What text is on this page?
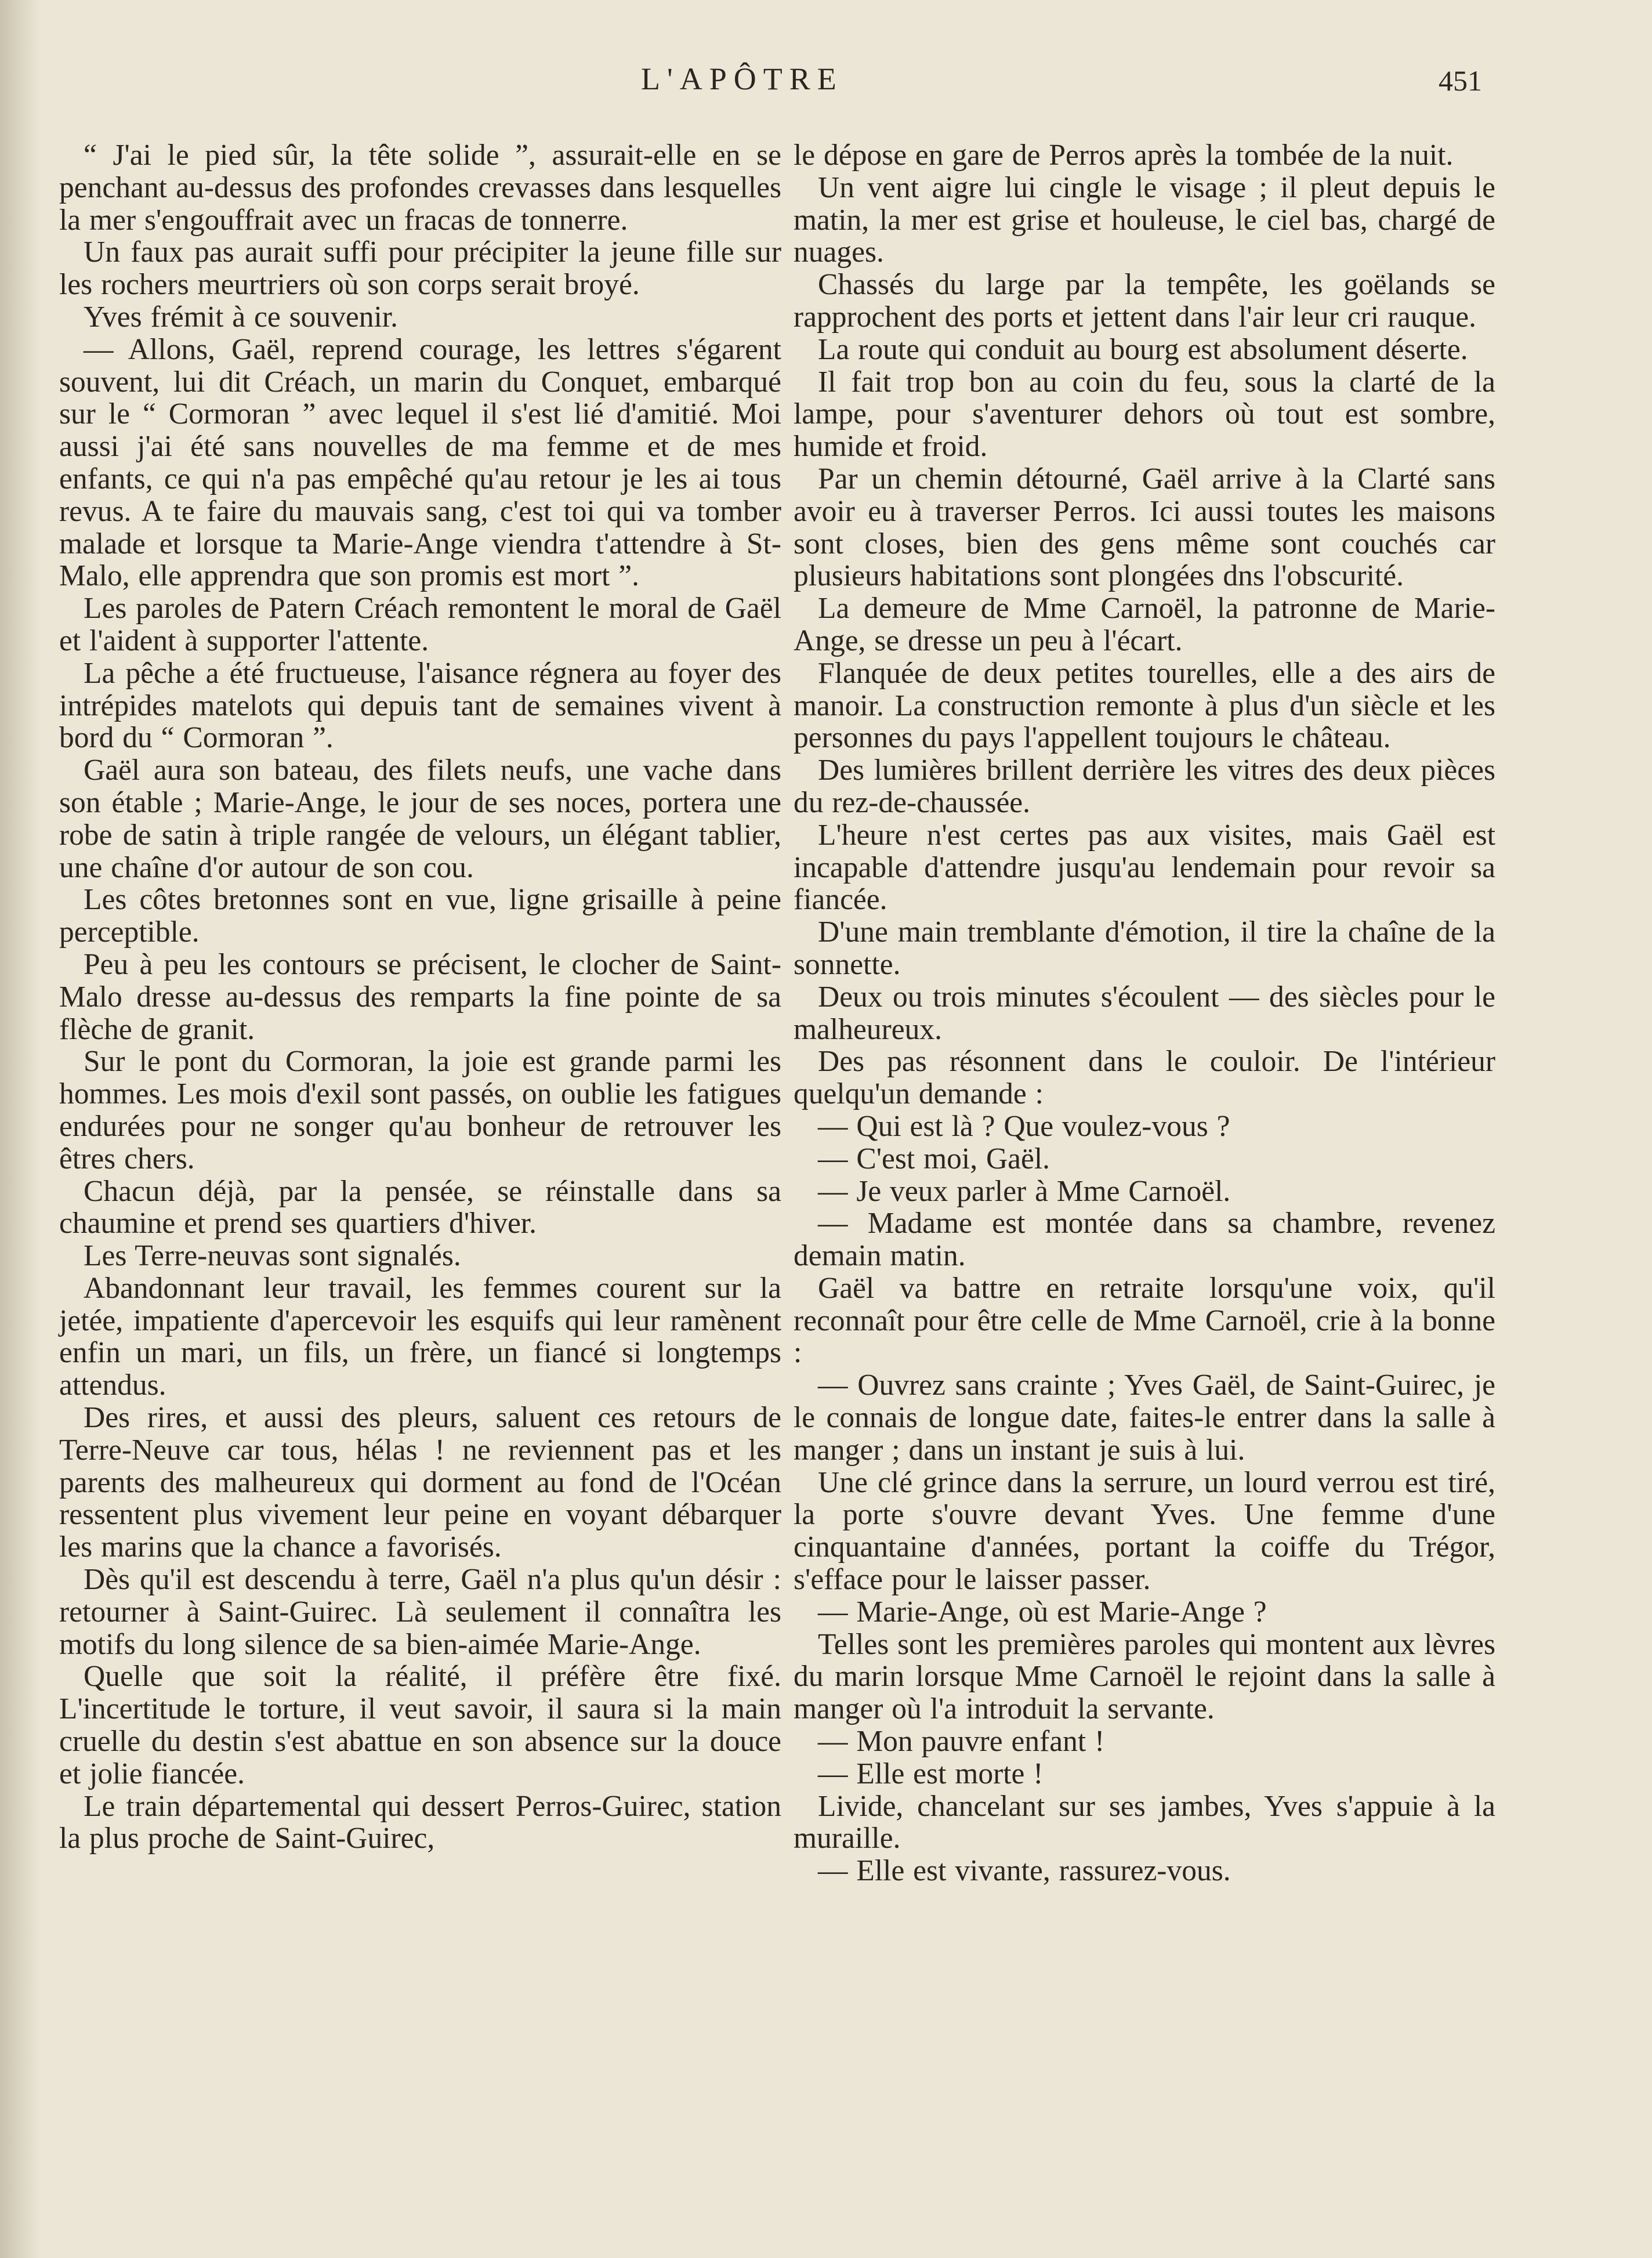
L'APÔTRE	451

“ J'ai le pied sûr, la tête solide ”, assurait-elle en se penchant au-dessus des profondes crevasses dans lesquelles la mer s'engouffrait avec un fracas de tonnerre.

Un faux pas aurait suffi pour précipiter la jeune fille sur les rochers meurtriers où son corps serait broyé.

Yves frémit à ce souvenir.

— Allons, Gaël, reprend courage, les lettres s'égarent souvent, lui dit Créach, un marin du Conquet, embarqué sur le “ Cormoran ” avec lequel il s'est lié d'amitié. Moi aussi j'ai été sans nouvelles de ma femme et de mes enfants, ce qui n'a pas empêché qu'au retour je les ai tous revus. A te faire du mauvais sang, c'est toi qui va tomber malade et lorsque ta Marie-Ange viendra t'attendre à St-Malo, elle apprendra que son promis est mort ”.

Les paroles de Patern Créach remontent le moral de Gaël et l'aident à supporter l'attente.

La pêche a été fructueuse, l'aisance régnera au foyer des intrépides matelots qui depuis tant de semaines vivent à bord du “ Cormoran ”.

Gaël aura son bateau, des filets neufs, une vache dans son étable ; Marie-Ange, le jour de ses noces, portera une robe de satin à triple rangée de velours, un élégant tablier, une chaîne d'or autour de son cou.

Les côtes bretonnes sont en vue, ligne grisaille à peine perceptible.

Peu à peu les contours se précisent, le clocher de Saint-Malo dresse au-dessus des remparts la fine pointe de sa flèche de granit.

Sur le pont du Cormoran, la joie est grande parmi les hommes. Les mois d'exil sont passés, on oublie les fatigues endurées pour ne songer qu'au bonheur de retrouver les êtres chers.

Chacun déjà, par la pensée, se réinstalle dans sa chaumine et prend ses quartiers d'hiver.

Les Terre-neuvas sont signalés.

Abandonnant leur travail, les femmes courent sur la jetée, impatiente d'apercevoir les esquifs qui leur ramènent enfin un mari, un fils, un frère, un fiancé si longtemps attendus.

Des rires, et aussi des pleurs, saluent ces retours de Terre-Neuve car tous, hélas ! ne reviennent pas et les parents des malheureux qui dorment au fond de l'Océan ressentent plus vivement leur peine en voyant débarquer les marins que la chance a favorisés.

Dès qu'il est descendu à terre, Gaël n'a plus qu'un désir : retourner à Saint-Guirec. Là seulement il connaîtra les motifs du long silence de sa bien-aimée Marie-Ange.

Quelle que soit la réalité, il préfère être fixé. L'incertitude le torture, il veut savoir, il saura si la main cruelle du destin s'est abattue en son absence sur la douce et jolie fiancée.

Le train départemental qui dessert Perros-Guirec, station la plus proche de Saint-Guirec,

le dépose en gare de Perros après la tombée de la nuit.

Un vent aigre lui cingle le visage ; il pleut depuis le matin, la mer est grise et houleuse, le ciel bas, chargé de nuages.

Chassés du large par la tempête, les goëlands se rapprochent des ports et jettent dans l'air leur cri rauque.

La route qui conduit au bourg est absolument déserte.

Il fait trop bon au coin du feu, sous la clarté de la lampe, pour s'aventurer dehors où tout est sombre, humide et froid.

Par un chemin détourné, Gaël arrive à la Clarté sans avoir eu à traverser Perros. Ici aussi toutes les maisons sont closes, bien des gens même sont couchés car plusieurs habitations sont plongées dns l'obscurité.

La demeure de Mme Carnoël, la patronne de Marie-Ange, se dresse un peu à l'écart.

Flanquée de deux petites tourelles, elle a des airs de manoir. La construction remonte à plus d'un siècle et les personnes du pays l'appellent toujours le château.

Des lumières brillent derrière les vitres des deux pièces du rez-de-chaussée.

L'heure n'est certes pas aux visites, mais Gaël est incapable d'attendre jusqu'au lendemain pour revoir sa fiancée.

D'une main tremblante d'émotion, il tire la chaîne de la sonnette.

Deux ou trois minutes s'écoulent — des siècles pour le malheureux.

Des pas résonnent dans le couloir. De l'intérieur quelqu'un demande :

— Qui est là ? Que voulez-vous ?

— C'est moi, Gaël.

— Je veux parler à Mme Carnoël.

— Madame est montée dans sa chambre, revenez demain matin.

Gaël va battre en retraite lorsqu'une voix, qu'il reconnaît pour être celle de Mme Carnoël, crie à la bonne :

— Ouvrez sans crainte ; Yves Gaël, de Saint-Guirec, je le connais de longue date, faites-le entrer dans la salle à manger ; dans un instant je suis à lui.

Une clé grince dans la serrure, un lourd verrou est tiré, la porte s'ouvre devant Yves. Une femme d'une cinquantaine d'années, portant la coiffe du Trégor, s'efface pour le laisser passer.

— Marie-Ange, où est Marie-Ange ?

Telles sont les premières paroles qui montent aux lèvres du marin lorsque Mme Carnoël le rejoint dans la salle à manger où l'a introduit la servante.

— Mon pauvre enfant !

— Elle est morte !

Livide, chancelant sur ses jambes, Yves s'appuie à la muraille.

— Elle est vivante, rassurez-vous.
